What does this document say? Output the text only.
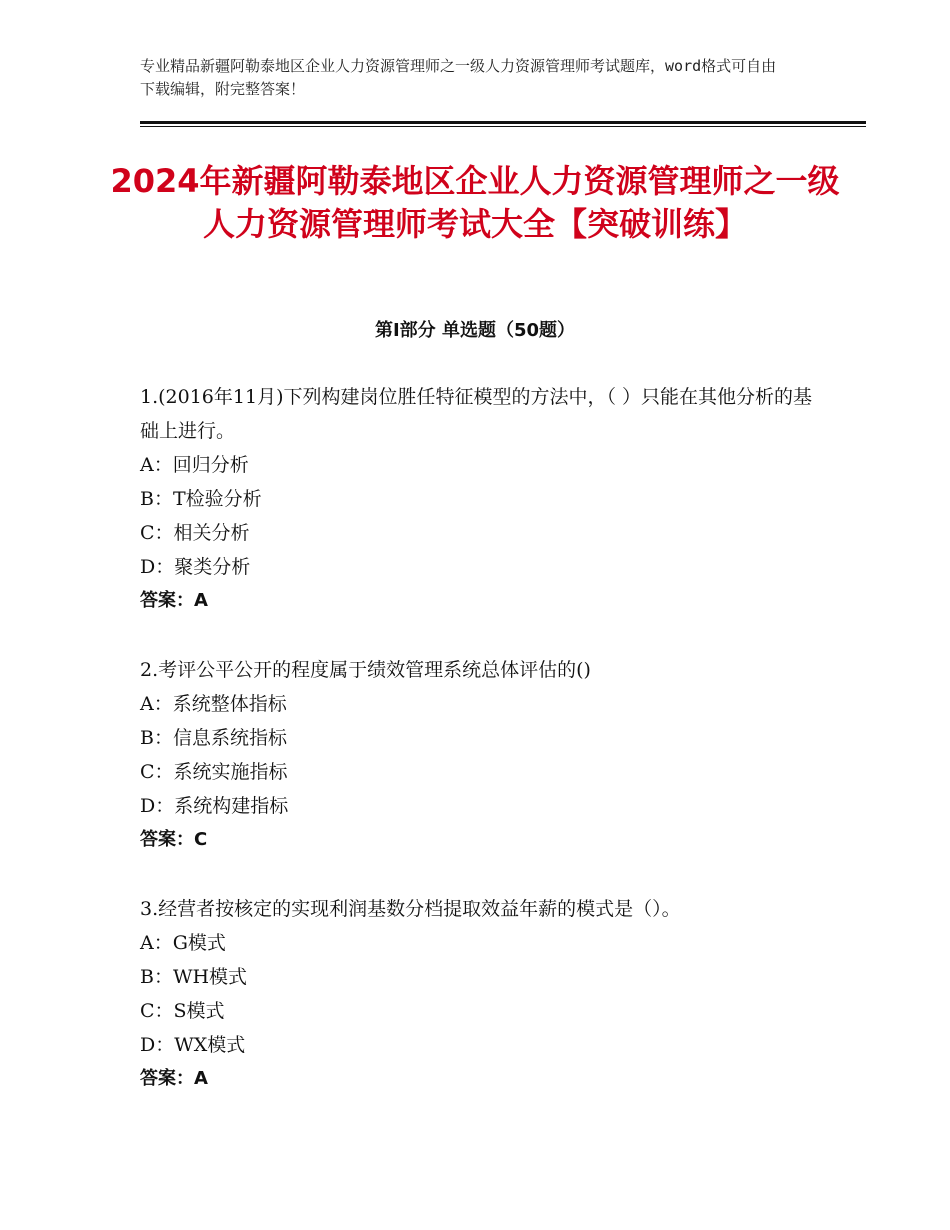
专业精品新疆阿勒泰地区企业人力资源管理师之一级人力资源管理师考试题库，word格式可自由下载编辑，附完整答案！
2024年新疆阿勒泰地区企业人力资源管理师之一级人力资源管理师考试大全【突破训练】
第Ⅰ部分 单选题（50题）

1.(2016年11月)下列构建岗位胜任特征模型的方法中，（ ）只能在其他分析的基础上进行。

A：回归分析

B：T检验分析

C：相关分析

D：聚类分析

答案：A

2.考评公平公开的程度属于绩效管理系统总体评估的()

A：系统整体指标

B：信息系统指标

C：系统实施指标

D：系统构建指标

答案：C

3.经营者按核定的实现利润基数分档提取效益年薪的模式是（）。

A：G模式

B：WH模式

C：S模式

D：WX模式

答案：A
